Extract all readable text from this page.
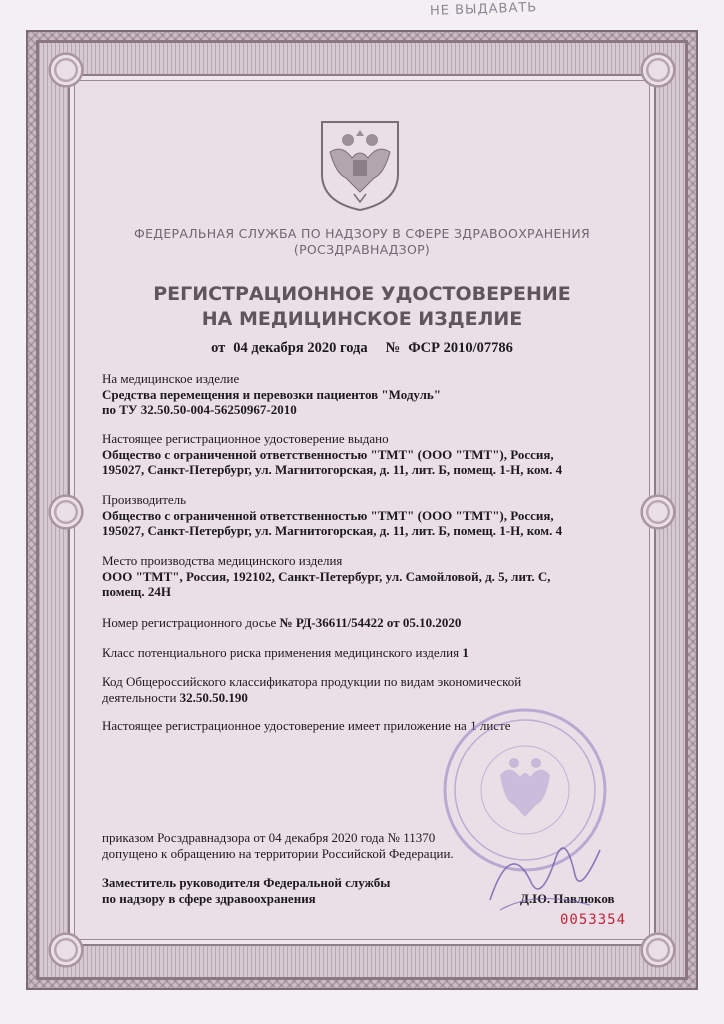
НЕ ВЫДАВАТЬ
ФЕДЕРАЛЬНАЯ СЛУЖБА ПО НАДЗОРУ В СФЕРЕ ЗДРАВООХРАНЕНИЯ
(РОСЗДРАВНАДЗОР)
РЕГИСТРАЦИОННОЕ УДОСТОВЕРЕНИЕ
НА МЕДИЦИНСКОЕ ИЗДЕЛИЕ
от 04 декабря 2020 года № ФСР 2010/07786
На медицинское изделие
Средства перемещения и перевозки пациентов "Модуль"
по ТУ 32.50.50-004-56250967-2010
Настоящее регистрационное удостоверение выдано
Общество с ограниченной ответственностью "ТМТ" (ООО "ТМТ"), Россия,
195027, Санкт-Петербург, ул. Магнитогорская, д. 11, лит. Б, помещ. 1-Н, ком. 4
Производитель
Общество с ограниченной ответственностью "ТМТ" (ООО "ТМТ"), Россия,
195027, Санкт-Петербург, ул. Магнитогорская, д. 11, лит. Б, помещ. 1-Н, ком. 4
Место производства медицинского изделия
ООО "ТМТ", Россия, 192102, Санкт-Петербург, ул. Самойловой, д. 5, лит. С,
помещ. 24Н
Номер регистрационного досье № РД-36611/54422 от 05.10.2020
Класс потенциального риска применения медицинского изделия 1
Код Общероссийского классификатора продукции по видам экономической
деятельности 32.50.50.190
Настоящее регистрационное удостоверение имеет приложение на 1 листе
приказом Росздравнадзора от 04 декабря 2020 года № 11370
допущено к обращению на территории Российской Федерации.
Заместитель руководителя Федеральной службы
по надзору в сфере здравоохранения	Д.Ю. Павлюков
0053354
